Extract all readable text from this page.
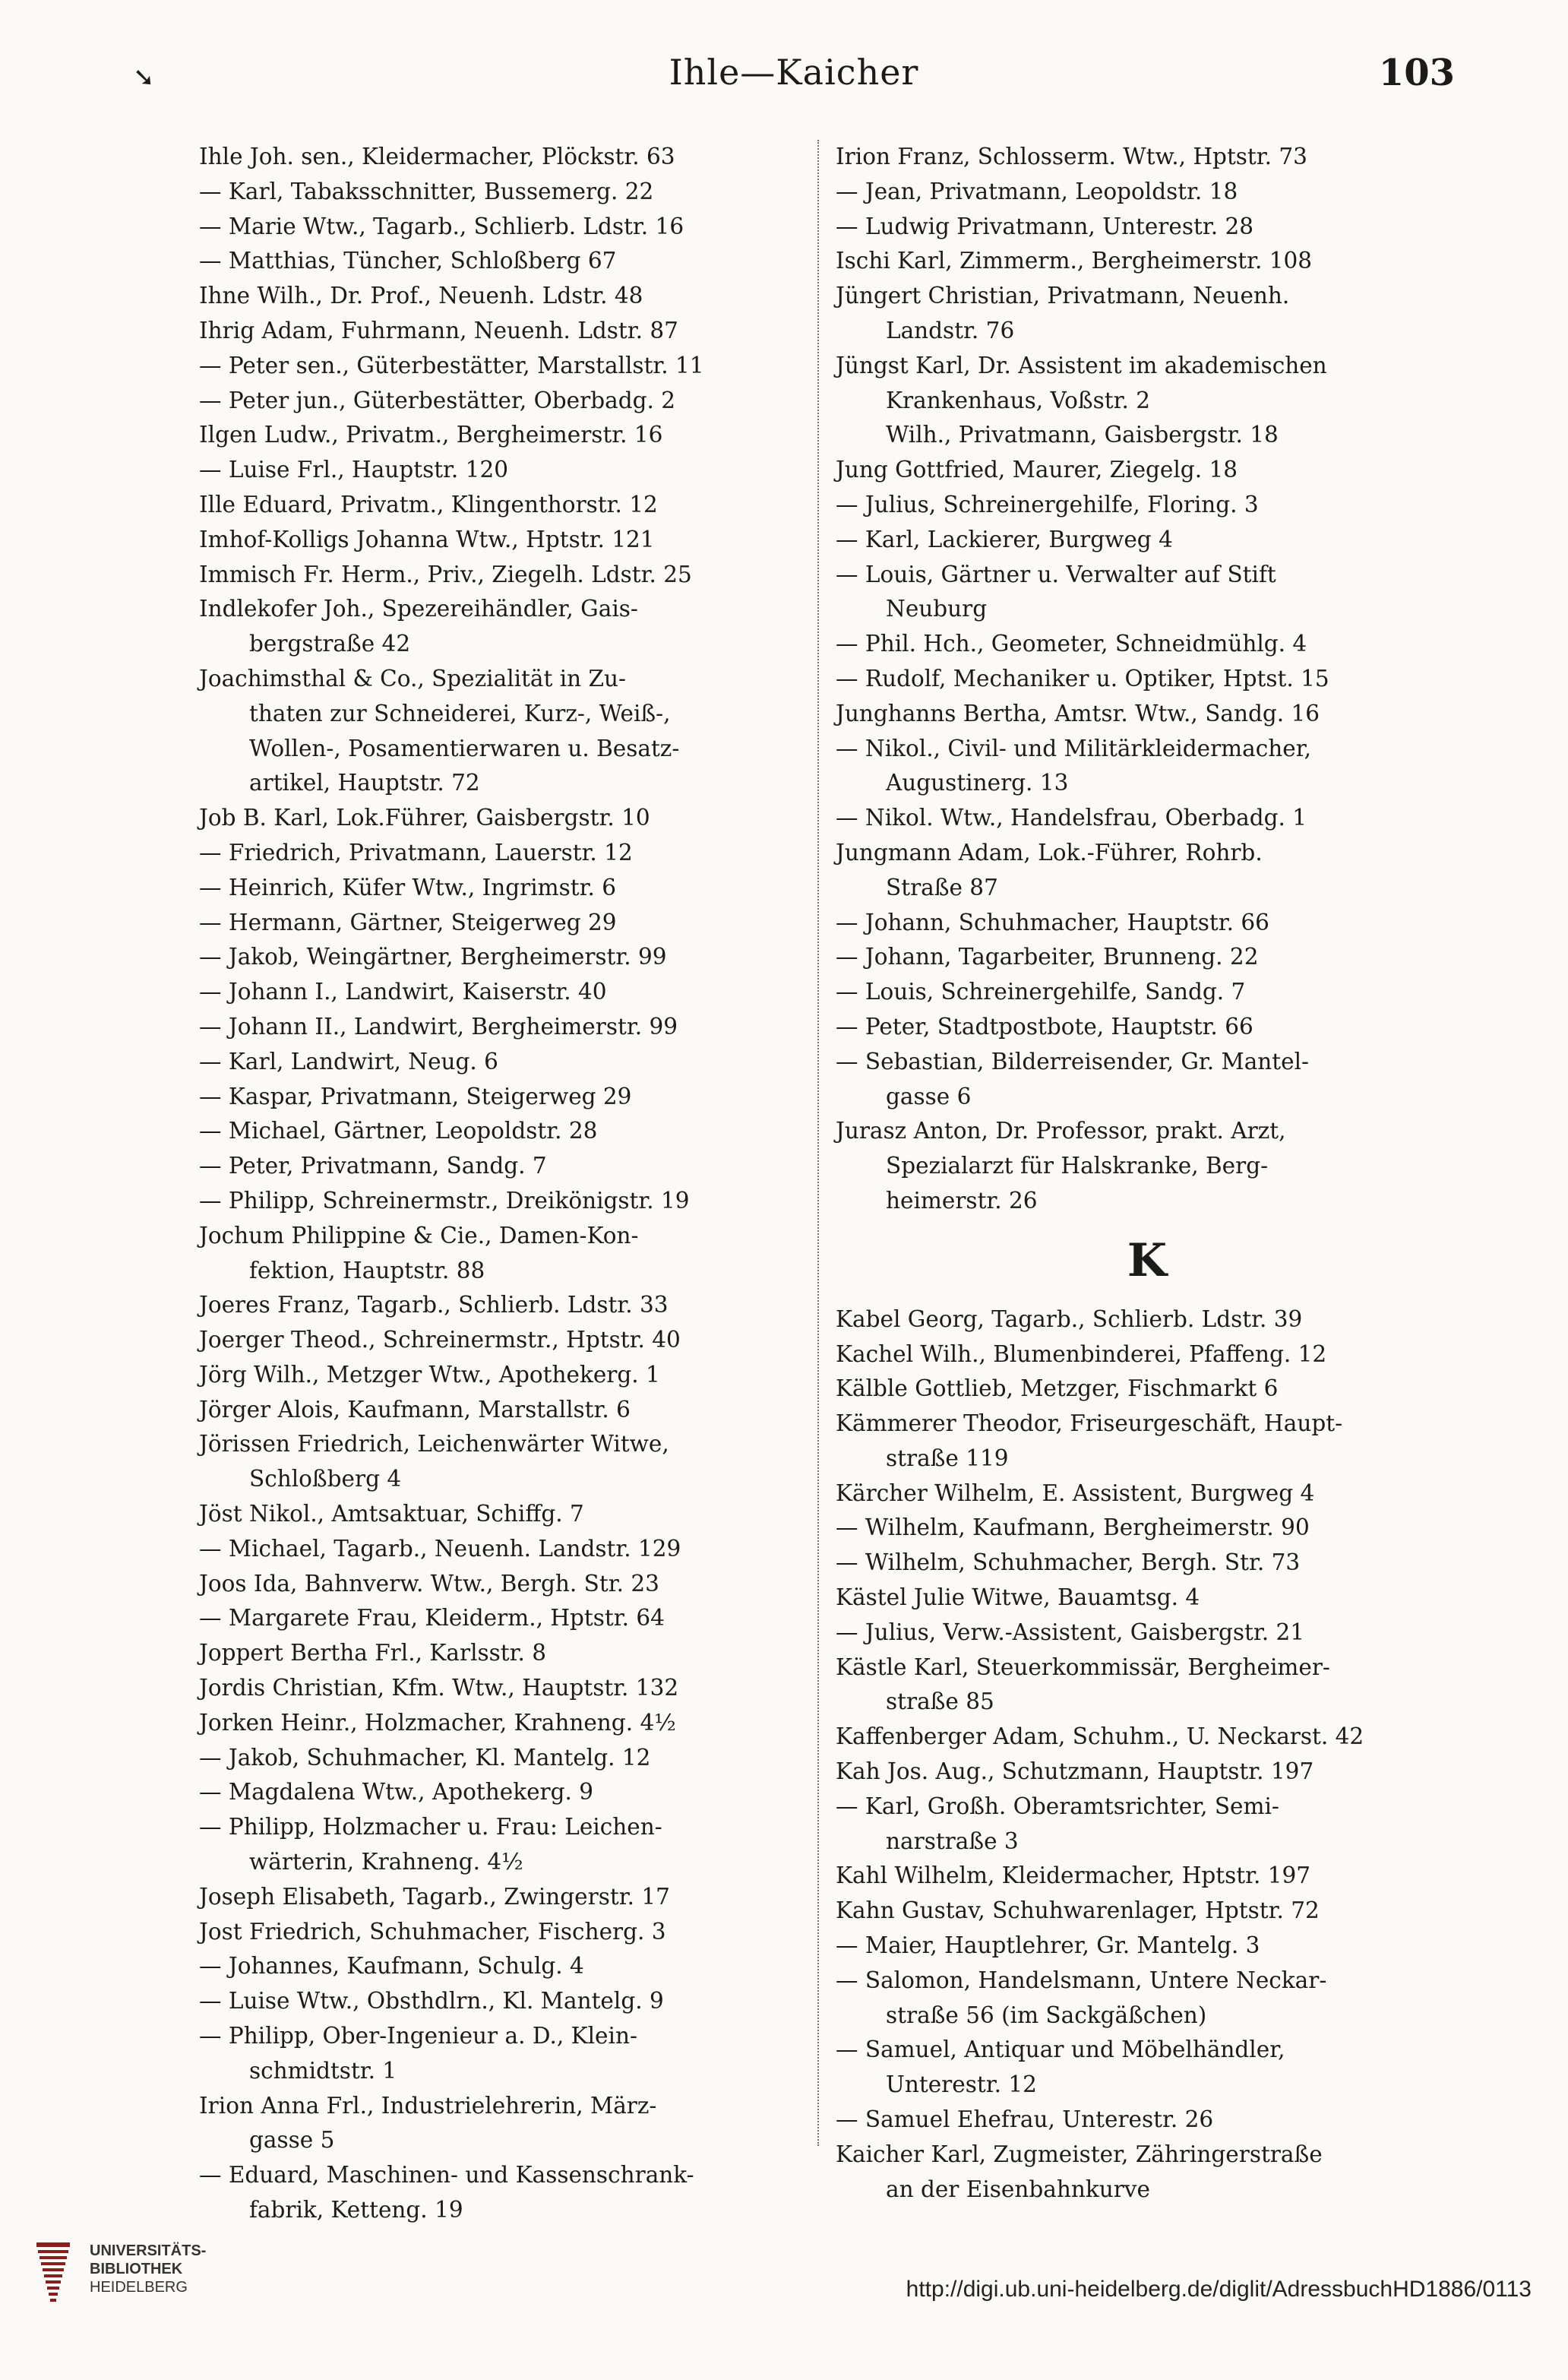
➘	Ihle—Kaicher	103

Ihle Joh. sen., Kleidermacher, Plöckstr. 63

— Karl, Tabaksschnitter, Bussemerg. 22

— Marie Wtw., Tagarb., Schlierb. Ldstr. 16

— Matthias, Tüncher, Schloßberg 67

Ihne Wilh., Dr. Prof., Neuenh. Ldstr. 48

Ihrig Adam, Fuhrmann, Neuenh. Ldstr. 87

— Peter sen., Güterbestätter, Marstallstr. 11

— Peter jun., Güterbestätter, Oberbadg. 2

Ilgen Ludw., Privatm., Bergheimerstr. 16

— Luise Frl., Hauptstr. 120

Ille Eduard, Privatm., Klingenthorstr. 12

Imhof-Kolligs Johanna Wtw., Hptstr. 121

Immisch Fr. Herm., Priv., Ziegelh. Ldstr. 25

Indlekofer Joh., Spezereihändler, Gais-

bergstraße 42

Joachimsthal & Co., Spezialität in Zu-

thaten zur Schneiderei, Kurz-, Weiß-,

Wollen-, Posamentierwaren u. Besatz-

artikel, Hauptstr. 72

Job B. Karl, Lok.Führer, Gaisbergstr. 10

— Friedrich, Privatmann, Lauerstr. 12

— Heinrich, Küfer Wtw., Ingrimstr. 6

— Hermann, Gärtner, Steigerweg 29

— Jakob, Weingärtner, Bergheimerstr. 99

— Johann I., Landwirt, Kaiserstr. 40

— Johann II., Landwirt, Bergheimerstr. 99

— Karl, Landwirt, Neug. 6

— Kaspar, Privatmann, Steigerweg 29

— Michael, Gärtner, Leopoldstr. 28

— Peter, Privatmann, Sandg. 7

— Philipp, Schreinermstr., Dreikönigstr. 19

Jochum Philippine & Cie., Damen-Kon-

fektion, Hauptstr. 88

Joeres Franz, Tagarb., Schlierb. Ldstr. 33

Joerger Theod., Schreinermstr., Hptstr. 40

Jörg Wilh., Metzger Wtw., Apothekerg. 1

Jörger Alois, Kaufmann, Marstallstr. 6

Jörissen Friedrich, Leichenwärter Witwe,

Schloßberg 4

Jöst Nikol., Amtsaktuar, Schiffg. 7

— Michael, Tagarb., Neuenh. Landstr. 129

Joos Ida, Bahnverw. Wtw., Bergh. Str. 23

— Margarete Frau, Kleiderm., Hptstr. 64

Joppert Bertha Frl., Karlsstr. 8

Jordis Christian, Kfm. Wtw., Hauptstr. 132

Jorken Heinr., Holzmacher, Krahneng. 4½

— Jakob, Schuhmacher, Kl. Mantelg. 12

— Magdalena Wtw., Apothekerg. 9

— Philipp, Holzmacher u. Frau: Leichen-

wärterin, Krahneng. 4½

Joseph Elisabeth, Tagarb., Zwingerstr. 17

Jost Friedrich, Schuhmacher, Fischerg. 3

— Johannes, Kaufmann, Schulg. 4

— Luise Wtw., Obsthdlrn., Kl. Mantelg. 9

— Philipp, Ober-Ingenieur a. D., Klein-

schmidtstr. 1

Irion Anna Frl., Industrielehrerin, März-

gasse 5

— Eduard, Maschinen- und Kassenschrank-

fabrik, Ketteng. 19

Irion Franz, Schlosserm. Wtw., Hptstr. 73

— Jean, Privatmann, Leopoldstr. 18

— Ludwig Privatmann, Unterestr. 28

Ischi Karl, Zimmerm., Bergheimerstr. 108

Jüngert Christian, Privatmann, Neuenh.

Landstr. 76

Jüngst Karl, Dr. Assistent im akademischen

Krankenhaus, Voßstr. 2

Wilh., Privatmann, Gaisbergstr. 18

Jung Gottfried, Maurer, Ziegelg. 18

— Julius, Schreinergehilfe, Floring. 3

— Karl, Lackierer, Burgweg 4

— Louis, Gärtner u. Verwalter auf Stift

Neuburg

— Phil. Hch., Geometer, Schneidmühlg. 4

— Rudolf, Mechaniker u. Optiker, Hptst. 15

Junghanns Bertha, Amtsr. Wtw., Sandg. 16

— Nikol., Civil- und Militärkleidermacher,

Augustinerg. 13

— Nikol. Wtw., Handelsfrau, Oberbadg. 1

Jungmann Adam, Lok.-Führer, Rohrb.

Straße 87

— Johann, Schuhmacher, Hauptstr. 66

— Johann, Tagarbeiter, Brunneng. 22

— Louis, Schreinergehilfe, Sandg. 7

— Peter, Stadtpostbote, Hauptstr. 66

— Sebastian, Bilderreisender, Gr. Mantel-

gasse 6

Jurasz Anton, Dr. Professor, prakt. Arzt,

Spezialarzt für Halskranke, Berg-

heimerstr. 26

K

Kabel Georg, Tagarb., Schlierb. Ldstr. 39

Kachel Wilh., Blumenbinderei, Pfaffeng. 12

Kälble Gottlieb, Metzger, Fischmarkt 6

Kämmerer Theodor, Friseurgeschäft, Haupt-

straße 119

Kärcher Wilhelm, E. Assistent, Burgweg 4

— Wilhelm, Kaufmann, Bergheimerstr. 90

— Wilhelm, Schuhmacher, Bergh. Str. 73

Kästel Julie Witwe, Bauamtsg. 4

— Julius, Verw.-Assistent, Gaisbergstr. 21

Kästle Karl, Steuerkommissär, Bergheimer-

straße 85

Kaffenberger Adam, Schuhm., U. Neckarst. 42

Kah Jos. Aug., Schutzmann, Hauptstr. 197

— Karl, Großh. Oberamtsrichter, Semi-

narstraße 3

Kahl Wilhelm, Kleidermacher, Hptstr. 197

Kahn Gustav, Schuhwarenlager, Hptstr. 72

— Maier, Hauptlehrer, Gr. Mantelg. 3

— Salomon, Handelsmann, Untere Neckar-

straße 56 (im Sackgäßchen)

— Samuel, Antiquar und Möbelhändler,

Unterestr. 12

— Samuel Ehefrau, Unterestr. 26

Kaicher Karl, Zugmeister, Zähringerstraße

an der Eisenbahnkurve

UNIVERSITÄTS-
BIBLIOTHEK
HEIDELBERG	http://digi.ub.uni-heidelberg.de/diglit/AdressbuchHD1886/0113
